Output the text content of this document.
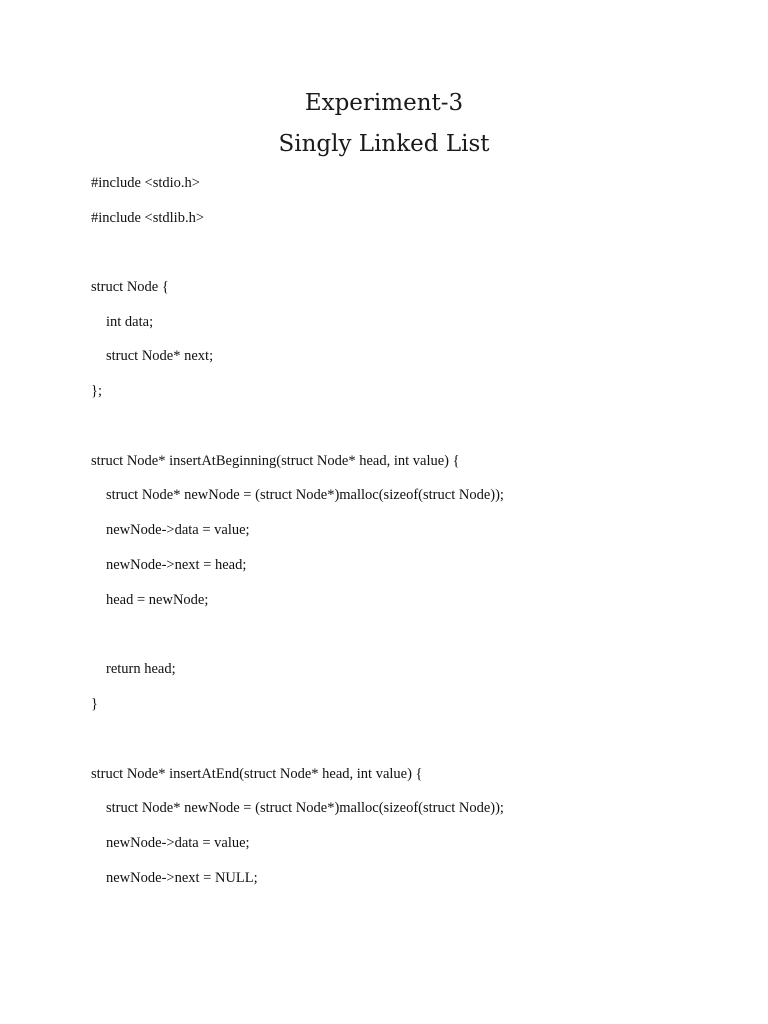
Experiment-3
Singly Linked List
#include <stdio.h>
#include <stdlib.h>
struct Node {
int data;
struct Node* next;
};
struct Node* insertAtBeginning(struct Node* head, int value) {
struct Node* newNode = (struct Node*)malloc(sizeof(struct Node));
newNode->data = value;
newNode->next = head;
head = newNode;
return head;
}
struct Node* insertAtEnd(struct Node* head, int value) {
struct Node* newNode = (struct Node*)malloc(sizeof(struct Node));
newNode->data = value;
newNode->next = NULL;
